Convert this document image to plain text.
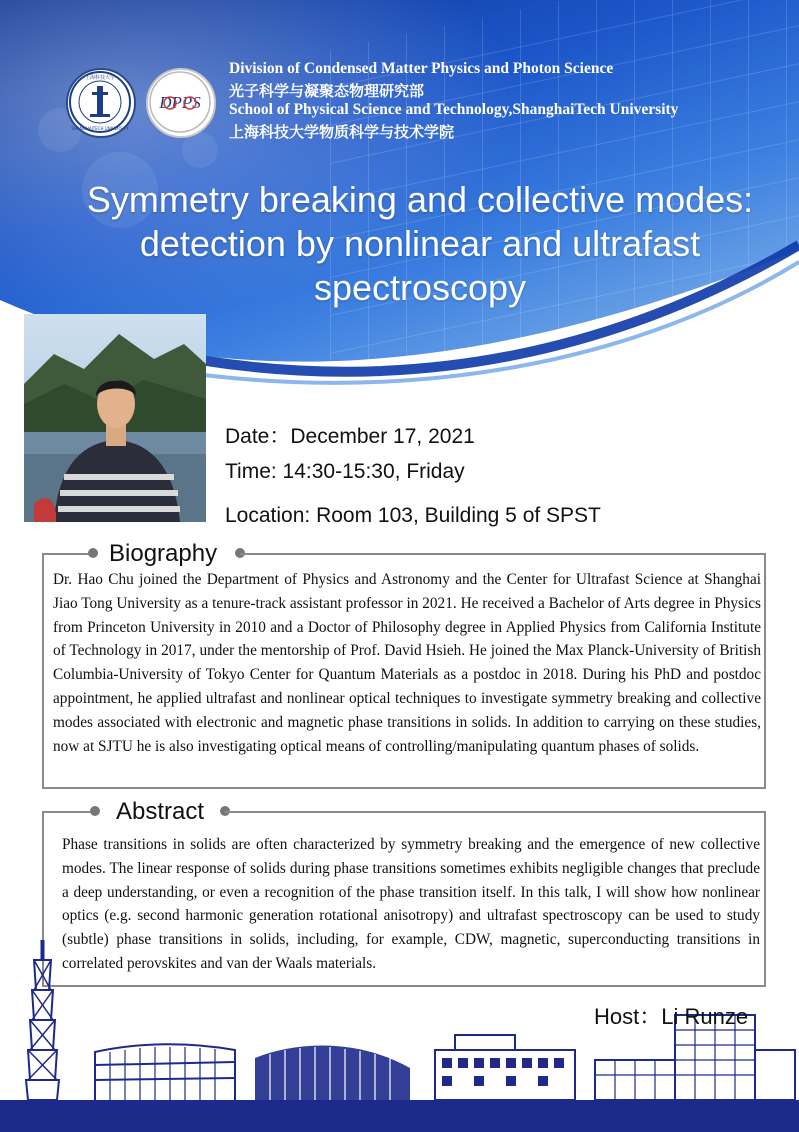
上海科技大学
SHANGHAITECH UNIVERSITY
DPPS
Division of Condensed Matter Physics and Photon Science
光子科学与凝聚态物理研究部
School of Physical Science and Technology,ShanghaiTech University
上海科技大学物质科学与技术学院
Symmetry breaking and collective modes:
detection by nonlinear and ultrafast
spectroscopy
Date：December 17, 2021
Time: 14:30-15:30, Friday
Location: Room 103, Building 5 of SPST
Biography
Dr. Hao Chu joined the Department of Physics and Astronomy and the Center for Ultrafast Science at Shanghai Jiao Tong University as a tenure-track assistant professor in 2021. He received a Bachelor of Arts degree in Physics from Princeton University in 2010 and a Doctor of Philosophy degree in Applied Physics from California Institute of Technology in 2017, under the mentorship of Prof. David Hsieh. He joined the Max Planck-University of British Columbia-University of Tokyo Center for Quantum Materials as a postdoc in 2018. During his PhD and postdoc appointment, he applied ultrafast and nonlinear optical techniques to investigate symmetry breaking and collective modes associated with electronic and magnetic phase transitions in solids. In addition to carrying on these studies, now at SJTU he is also investigating optical means of controlling/manipulating quantum phases of solids.
Abstract
Phase transitions in solids are often characterized by symmetry breaking and the emergence of new collective modes. The linear response of solids during phase transitions sometimes exhibits negligible changes that preclude a deep understanding, or even a recognition of the phase transition itself. In this talk, I will show how nonlinear optics (e.g. second harmonic generation rotational anisotropy) and ultrafast spectroscopy can be used to study (subtle) phase transitions in solids, including, for example, CDW, magnetic, superconducting transitions in correlated perovskites and van der Waals materials.
Host：Li Runze
